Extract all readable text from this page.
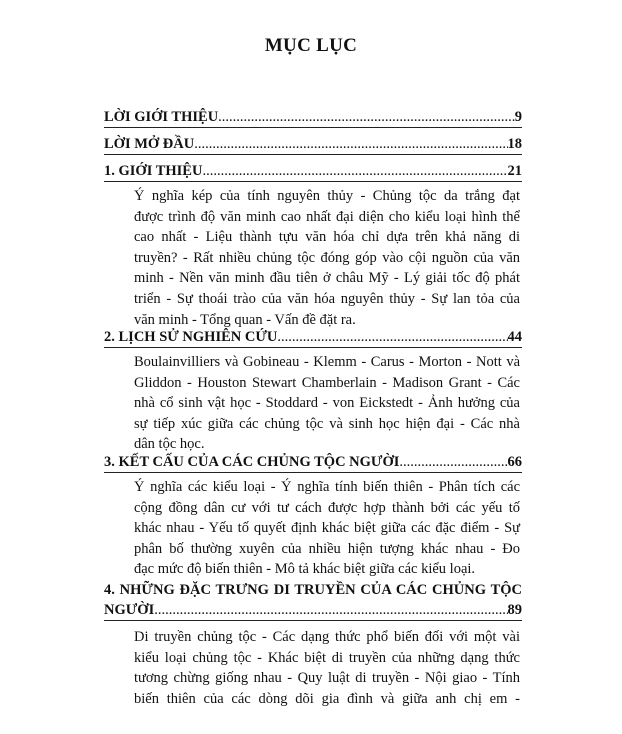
MỤC LỤC
LỜI GIỚI THIỆU .....	9
LỜI MỞ ĐẦU .....	18
1. GIỚI THIỆU .....	21
Ý nghĩa kép của tính nguyên thủy - Chủng tộc da trắng đạt
được trình độ văn minh cao nhất đại diện cho kiểu loại hình thể
cao nhất - Liệu thành tựu văn hóa chỉ dựa trên khả năng di
truyền? - Rất nhiều chủng tộc đóng góp vào cội nguồn của văn
minh - Nền văn minh đầu tiên ở châu Mỹ - Lý giải tốc độ phát
triển - Sự thoái trào của văn hóa nguyên thủy - Sự lan tỏa của
văn minh - Tổng quan - Vấn đề đặt ra.
2. LỊCH SỬ NGHIÊN CỨU .....	44
Boulainvilliers và Gobineau - Klemm - Carus - Morton - Nott và
Gliddon - Houston Stewart Chamberlain - Madison Grant - Các
nhà cổ sinh vật học - Stoddard - von Eickstedt - Ảnh hưởng của
sự tiếp xúc giữa các chủng tộc và sinh học hiện đại - Các nhà
dân tộc học.
3. KẾT CẤU CỦA CÁC CHỦNG TỘC NGƯỜI .....	66
Ý nghĩa các kiểu loại - Ý nghĩa tính biến thiên - Phân tích các
cộng đồng dân cư với tư cách được hợp thành bởi các yếu tố
khác nhau - Yếu tố quyết định khác biệt giữa các đặc điểm - Sự
phân bố thường xuyên của nhiều hiện tượng khác nhau - Đo
đạc mức độ biến thiên - Mô tả khác biệt giữa các kiểu loại.
4. NHỮNG ĐẶC TRƯNG DI TRUYỀN CỦA CÁC CHỦNG TỘC
NGƯỜI .....	89
Di truyền chủng tộc - Các dạng thức phổ biến đối với một vài
kiểu loại chủng tộc - Khác biệt di truyền của những dạng thức
tương chừng giống nhau - Quy luật di truyền - Nội giao - Tính
biến thiên của các dòng dõi gia đình và giữa anh chị em -
